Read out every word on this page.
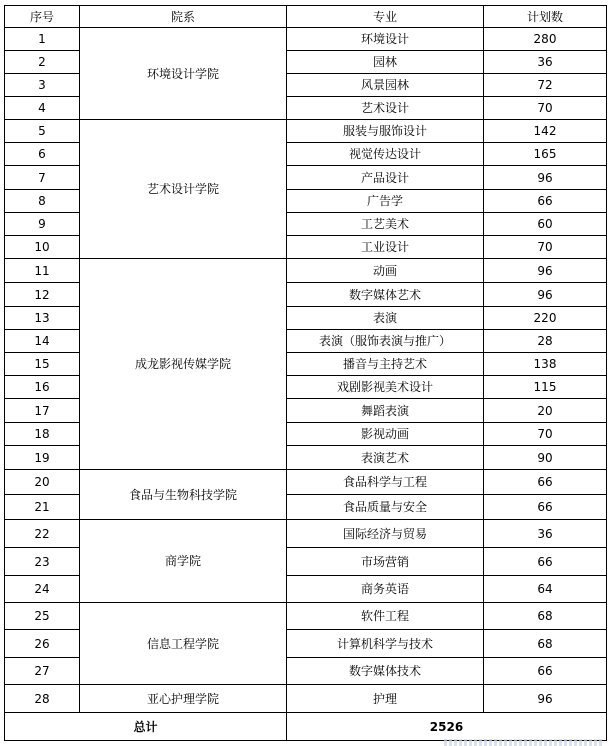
序号	院系	专业	计划数
1	环境设计学院	环境设计	280
2		园林	36
3		风景园林	72
4		艺术设计	70
5	艺术设计学院	服装与服饰设计	142
6		视觉传达设计	165
7		产品设计	96
8		广告学	66
9		工艺美术	60
10		工业设计	70
11	成龙影视传媒学院	动画	96
12		数字媒体艺术	96
13		表演	220
14		表演（服饰表演与推广）	28
15		播音与主持艺术	138
16		戏剧影视美术设计	115
17		舞蹈表演	20
18		影视动画	70
19		表演艺术	90
20	食品与生物科技学院	食品科学与工程	66
21		食品质量与安全	66
22	商学院	国际经济与贸易	36
23		市场营销	66
24		商务英语	64
25	信息工程学院	软件工程	68
26		计算机科学与技术	68
27		数字媒体技术	66
28	亚心护理学院	护理	96
总计		2526	
